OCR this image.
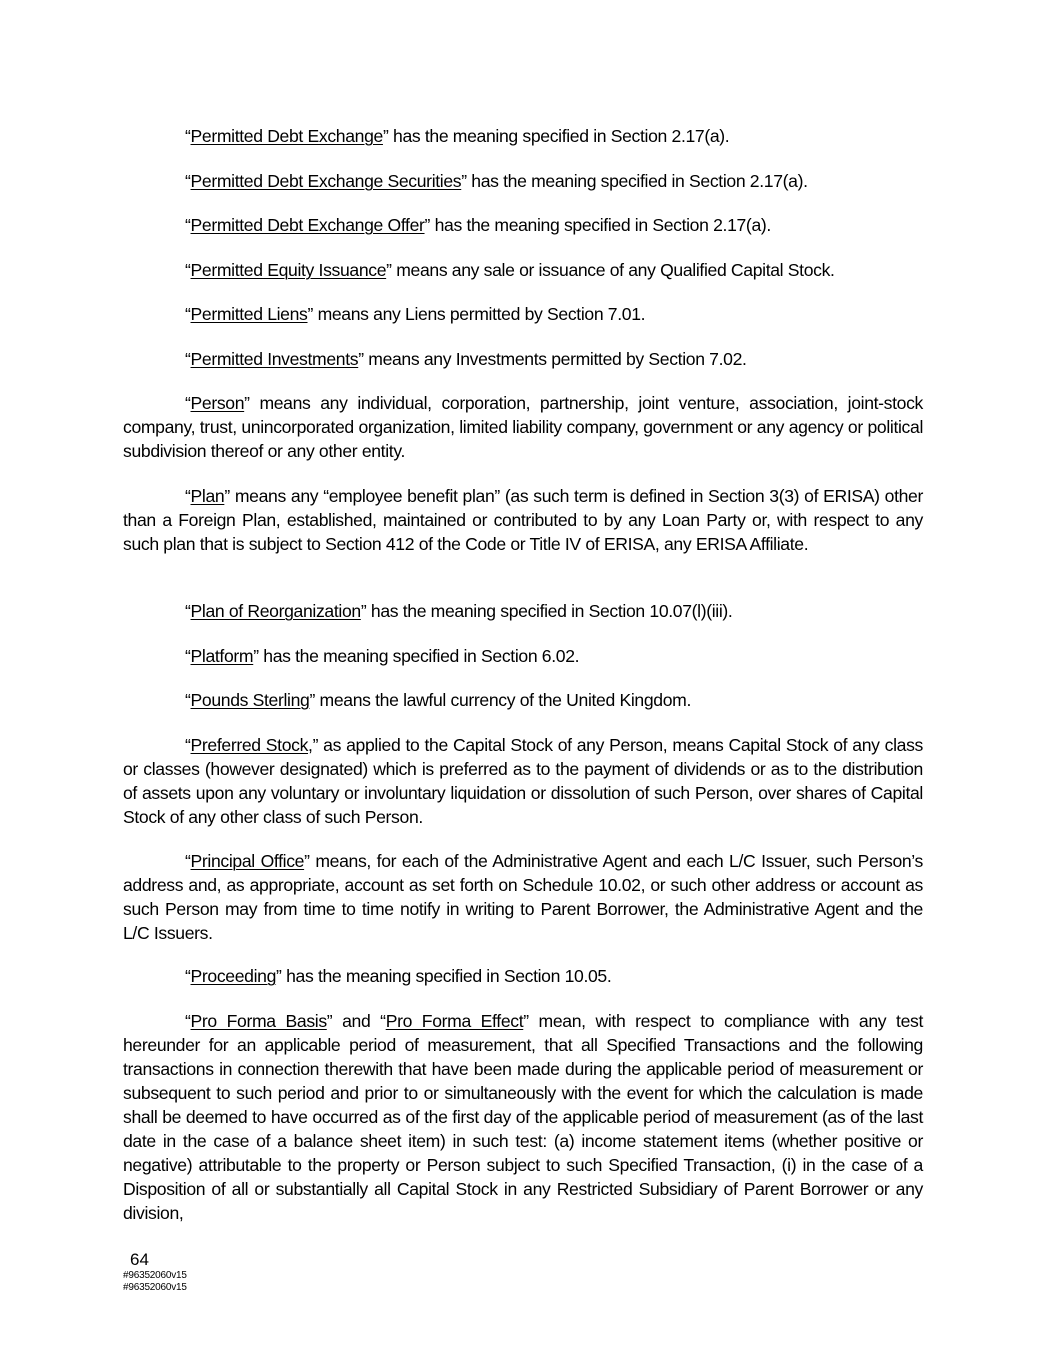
“Permitted Debt Exchange” has the meaning specified in Section 2.17(a).

“Permitted Debt Exchange Securities” has the meaning specified in Section 2.17(a).

“Permitted Debt Exchange Offer” has the meaning specified in Section 2.17(a).

“Permitted Equity Issuance” means any sale or issuance of any Qualified Capital Stock.

“Permitted Liens” means any Liens permitted by Section 7.01.

“Permitted Investments” means any Investments permitted by Section 7.02.

“Person” means any individual, corporation, partnership, joint venture, association, joint-stock company, trust, unincorporated organization, limited liability company, government or any agency or political subdivision thereof or any other entity.

“Plan” means any “employee benefit plan” (as such term is defined in Section 3(3) of ERISA) other than a Foreign Plan, established, maintained or contributed to by any Loan Party or, with respect to any such plan that is subject to Section 412 of the Code or Title IV of ERISA, any ERISA Affiliate.

“Plan of Reorganization” has the meaning specified in Section 10.07(l)(iii).

“Platform” has the meaning specified in Section 6.02.

“Pounds Sterling” means the lawful currency of the United Kingdom.

“Preferred Stock,” as applied to the Capital Stock of any Person, means Capital Stock of any class or classes (however designated) which is preferred as to the payment of dividends or as to the distribution of assets upon any voluntary or involuntary liquidation or dissolution of such Person, over shares of Capital Stock of any other class of such Person.

“Principal Office” means, for each of the Administrative Agent and each L/C Issuer, such Person’s address and, as appropriate, account as set forth on Schedule 10.02, or such other address or account as such Person may from time to time notify in writing to Parent Borrower, the Administrative Agent and the L/C Issuers.

“Proceeding” has the meaning specified in Section 10.05.

“Pro Forma Basis” and “Pro Forma Effect” mean, with respect to compliance with any test hereunder for an applicable period of measurement, that all Specified Transactions and the following transactions in connection therewith that have been made during the applicable period of measurement or subsequent to such period and prior to or simultaneously with the event for which the calculation is made shall be deemed to have occurred as of the first day of the applicable period of measurement (as of the last date in the case of a balance sheet item) in such test: (a) income statement items (whether positive or negative) attributable to the property or Person subject to such Specified Transaction, (i) in the case of a Disposition of all or substantially all Capital Stock in any Restricted Subsidiary of Parent Borrower or any division,

64
#96352060v15
#96352060v15
